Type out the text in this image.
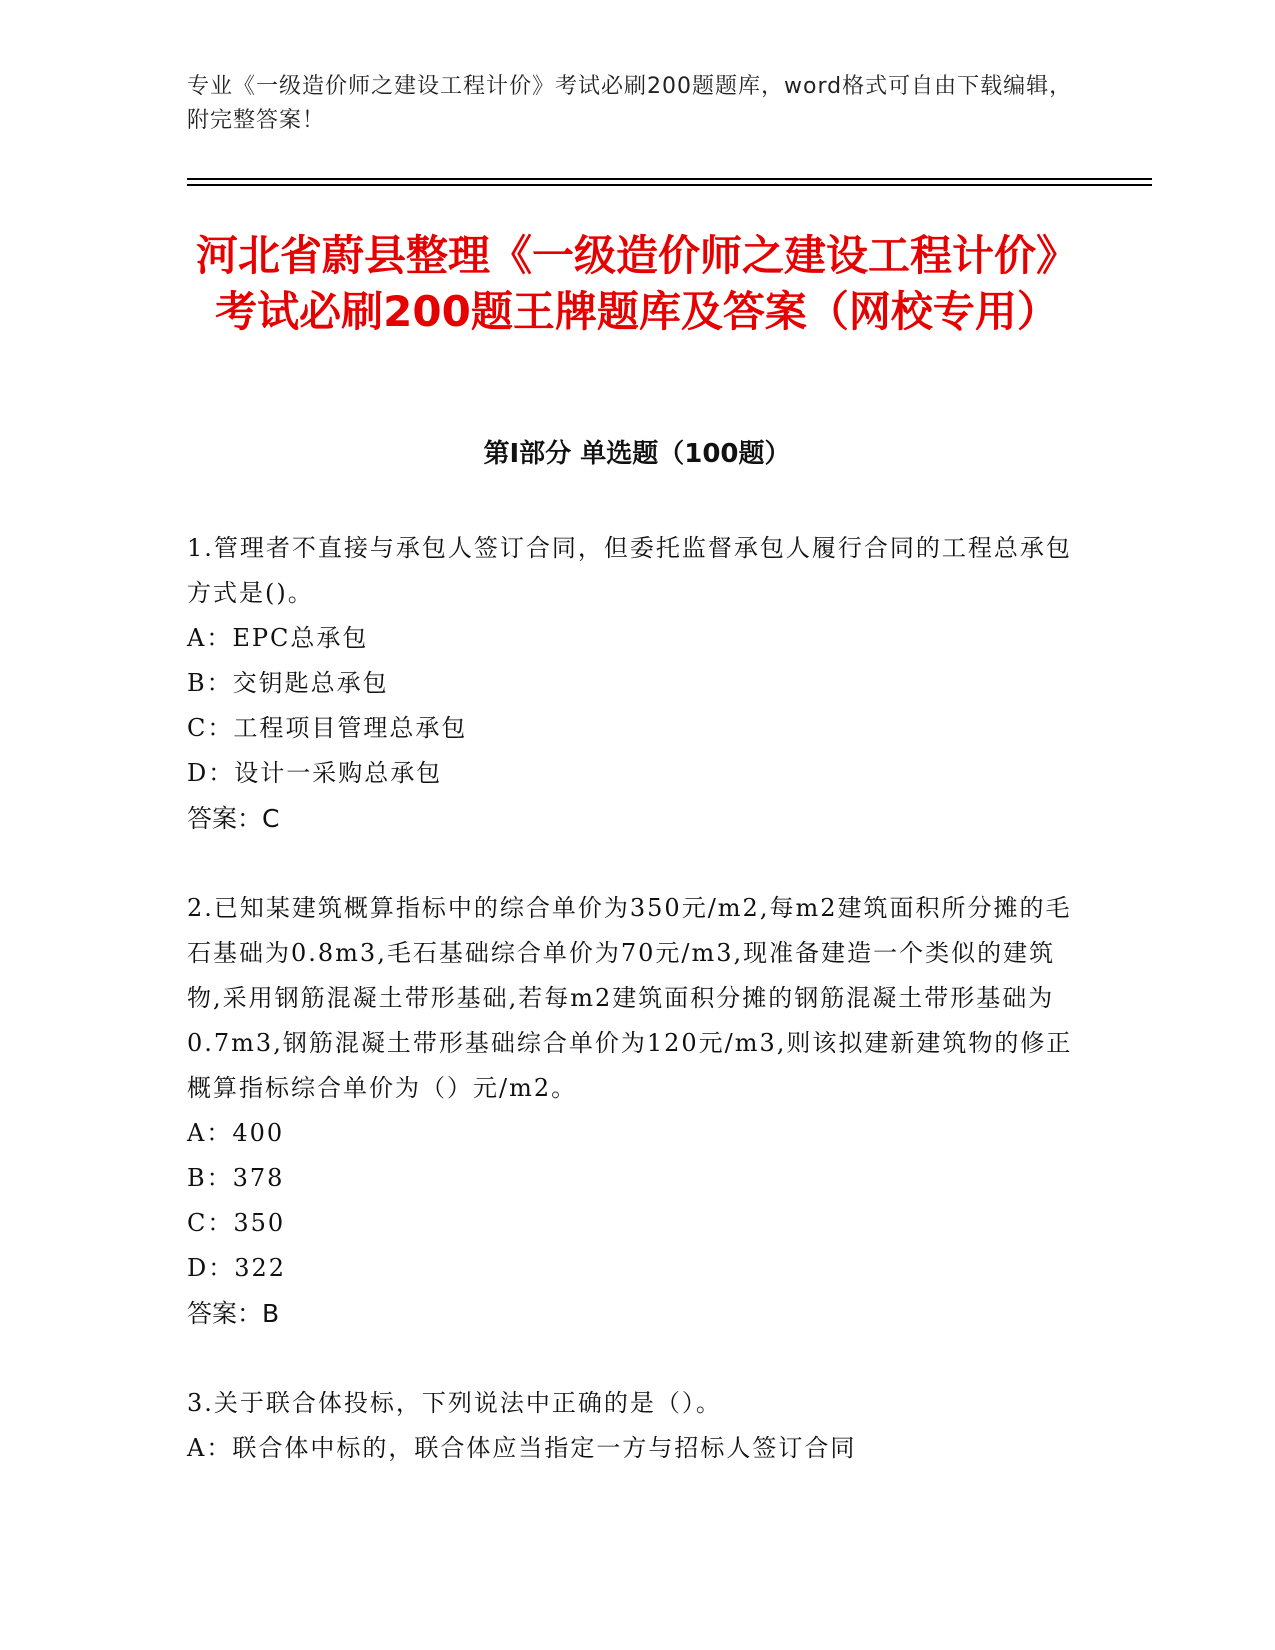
专业《一级造价师之建设工程计价》考试必刷200题题库，word格式可自由下载编辑，附完整答案！
河北省蔚县整理《一级造价师之建设工程计价》考试必刷200题王牌题库及答案（网校专用）
第Ⅰ部分 单选题（100题）

1.管理者不直接与承包人签订合同，但委托监督承包人履行合同的工程总承包方式是()。

A：EPC总承包

B：交钥匙总承包

C：工程项目管理总承包

D：设计一采购总承包

答案：C

2.已知某建筑概算指标中的综合单价为350元/m2,每m2建筑面积所分摊的毛石基础为0.8m3,毛石基础综合单价为70元/m3,现准备建造一个类似的建筑物,采用钢筋混凝土带形基础,若每m2建筑面积分摊的钢筋混凝土带形基础为0.7m3,钢筋混凝土带形基础综合单价为120元/m3,则该拟建新建筑物的修正概算指标综合单价为（）元/m2。

A：400

B：378

C：350

D：322

答案：B

3.关于联合体投标，下列说法中正确的是（）。

A：联合体中标的，联合体应当指定一方与招标人签订合同
